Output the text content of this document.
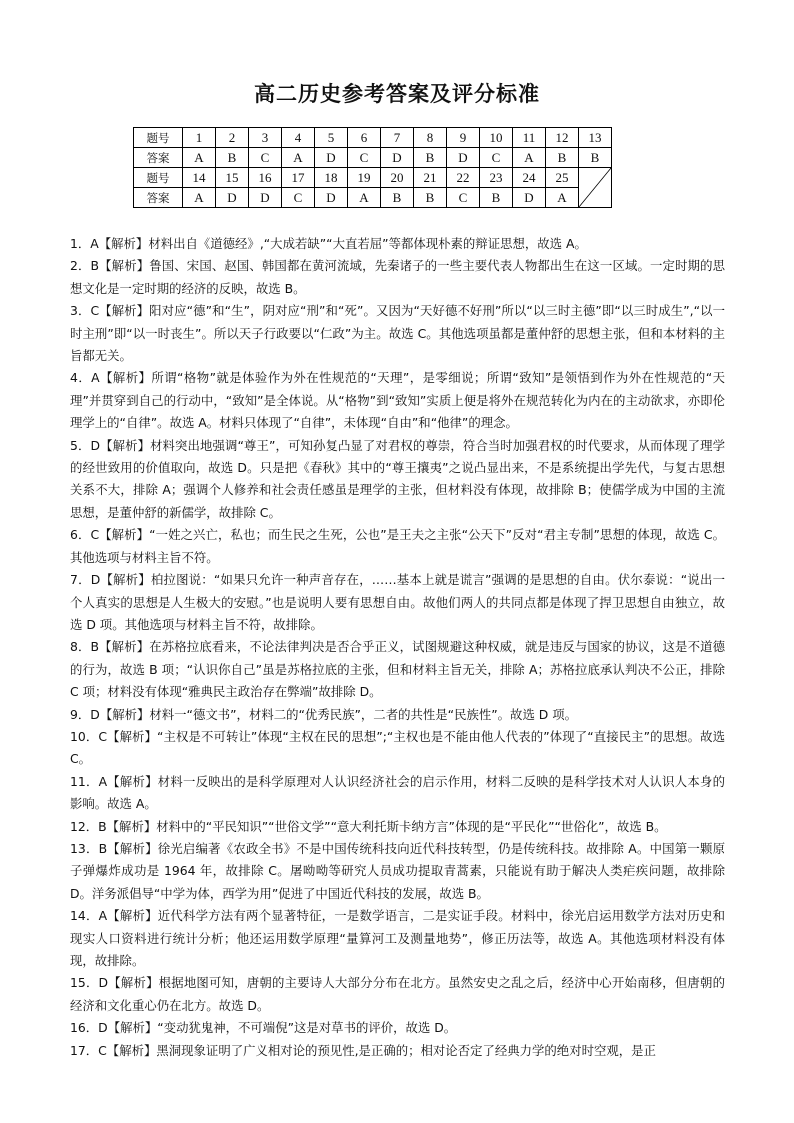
高二历史参考答案及评分标准
题号	1	2	3	4	5	6	7	8	9	10	11	12	13
答案	A	B	C	A	D	C	D	B	D	C	A	B	B
题号	14	15	16	17	18	19	20	21	22	23	24	25	

答案	A	D	D	C	D	A	B	B	C	B	D	A	

1．A【解析】材料出自《道德经》,“大成若缺”“大直若屈”等都体现朴素的辩证思想，故选 A。

2．B【解析】鲁国、宋国、赵国、韩国都在黄河流域，先秦诸子的一些主要代表人物都出生在这一区域。一定时期的思想文化是一定时期的经济的反映，故选 B。

3．C【解析】阳对应“德”和“生”，阴对应“刑”和“死”。又因为“天好德不好刑”所以“以三时主德”即“以三时成生”,“以一时主刑”即“以一时丧生”。所以天子行政要以“仁政”为主。故选 C。其他选项虽都是董仲舒的思想主张，但和本材料的主旨都无关。

4．A【解析】所谓“格物”就是体验作为外在性规范的“天理”，是零细说；所谓“致知”是领悟到作为外在性规范的“天理”并贯穿到自己的行动中，“致知”是全体说。从“格物”到“致知”实质上便是将外在规范转化为内在的主动欲求，亦即伦理学上的“自律”。故选 A。材料只体现了“自律”，未体现“自由”和“他律”的理念。

5．D【解析】材料突出地强调“尊王”，可知孙复凸显了对君权的尊崇，符合当时加强君权的时代要求，从而体现了理学的经世致用的价值取向，故选 D。只是把《春秋》其中的“尊王攘夷”之说凸显出来，不是系统提出学先代，与复古思想关系不大，排除 A；强调个人修养和社会责任感虽是理学的主张，但材料没有体现，故排除 B；使儒学成为中国的主流思想，是董仲舒的新儒学，故排除 C。

6．C【解析】“一姓之兴亡，私也；而生民之生死，公也”是王夫之主张“公天下”反对“君主专制”思想的体现，故选 C。其他选项与材料主旨不符。

7．D【解析】柏拉图说：“如果只允许一种声音存在，……基本上就是谎言”强调的是思想的自由。伏尔泰说：“说出一个人真实的思想是人生极大的安慰。”也是说明人要有思想自由。故他们两人的共同点都是体现了捍卫思想自由独立，故选 D 项。其他选项与材料主旨不符，故排除。

8．B【解析】在苏格拉底看来，不论法律判决是否合乎正义，试图规避这种权威，就是违反与国家的协议，这是不道德的行为，故选 B 项；“认识你自己”虽是苏格拉底的主张，但和材料主旨无关，排除 A；苏格拉底承认判决不公正，排除 C 项；材料没有体现“雅典民主政治存在弊端”故排除 D。

9．D【解析】材料一“德文书”，材料二的“优秀民族”，二者的共性是“民族性”。故选 D 项。

10．C【解析】“主权是不可转让”体现“主权在民的思想”;“主权也是不能由他人代表的”体现了“直接民主”的思想。故选 C。

11．A【解析】材料一反映出的是科学原理对人认识经济社会的启示作用，材料二反映的是科学技术对人认识人本身的影响。故选 A。

12．B【解析】材料中的“平民知识”“世俗文学”“意大利托斯卡纳方言”体现的是“平民化”“世俗化”，故选 B。

13．B【解析】徐光启编著《农政全书》不是中国传统科技向近代科技转型，仍是传统科技。故排除 A。中国第一颗原子弹爆炸成功是 1964 年，故排除 C。屠呦呦等研究人员成功提取青蒿素，只能说有助于解决人类疟疾问题，故排除 D。洋务派倡导“中学为体，西学为用”促进了中国近代科技的发展，故选 B。

14．A【解析】近代科学方法有两个显著特征，一是数学语言，二是实证手段。材料中，徐光启运用数学方法对历史和现实人口资料进行统计分析；他还运用数学原理“量算河工及测量地势”，修正历法等，故选 A。其他选项材料没有体现，故排除。

15．D【解析】根据地图可知，唐朝的主要诗人大部分分布在北方。虽然安史之乱之后，经济中心开始南移，但唐朝的经济和文化重心仍在北方。故选 D。

16．D【解析】“变动犹鬼神，不可端倪”这是对草书的评价，故选 D。

17．C【解析】黑洞现象证明了广义相对论的预见性,是正确的；相对论否定了经典力学的绝对时空观，是正
